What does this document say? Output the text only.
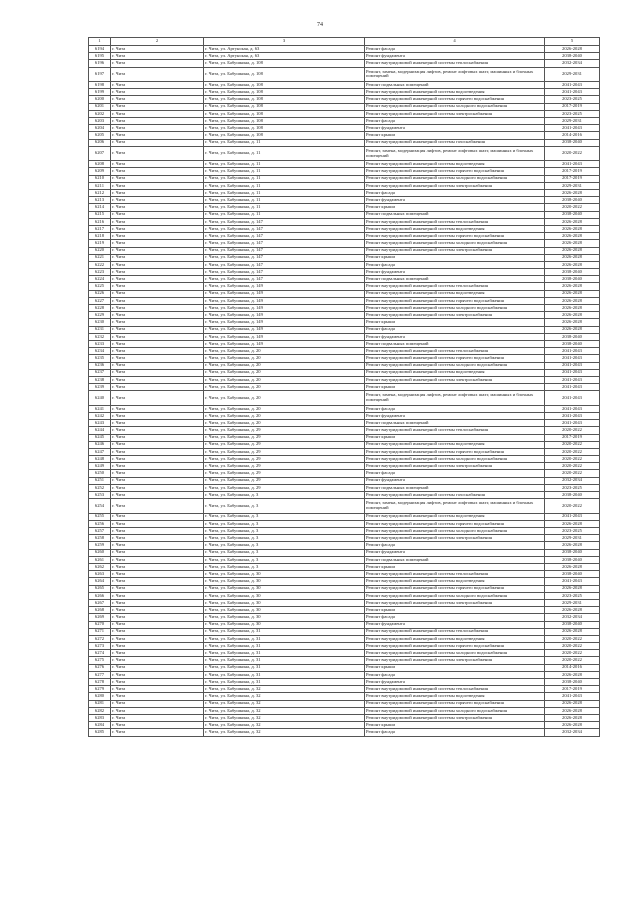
74
1	2	3	4	5
6194	г. Чита	г. Чита, ул. Артунская, д. 63	Ремонт фасада	2026-2028
6195	г. Чита	г. Чита, ул. Артунская, д. 63	Ремонт фундамента	2038-2040
6196	г. Чита	г. Чита, ул. Бабушкина, д. 108	Ремонт внутридомовой инженерной системы теплоснабжения	2032-2034
6197	г. Чита	г. Чита, ул. Бабушкина, д. 108	Ремонт, замена, модернизация лифтов, ремонт лифтовых шахт, машинных и блочных помещений	2029-2031
6198	г. Чита	г. Чита, ул. Бабушкина, д. 108	Ремонт подвальных помещений	2041-2043
6199	г. Чита	г. Чита, ул. Бабушкина, д. 108	Ремонт внутридомовой инженерной системы водоотведения	2041-2043
6200	г. Чита	г. Чита, ул. Бабушкина, д. 108	Ремонт внутридомовой инженерной системы горячего водоснабжения	2023-2025
6201	г. Чита	г. Чита, ул. Бабушкина, д. 108	Ремонт внутридомовой инженерной системы холодного водоснабжения	2017-2019
6202	г. Чита	г. Чита, ул. Бабушкина, д. 108	Ремонт внутридомовой инженерной системы электроснабжения	2023-2025
6203	г. Чита	г. Чита, ул. Бабушкина, д. 108	Ремонт фасада	2029-2031
6204	г. Чита	г. Чита, ул. Бабушкина, д. 108	Ремонт фундамента	2041-2043
6205	г. Чита	г. Чита, ул. Бабушкина, д. 108	Ремонт крыши	2014-2016
6206	г. Чита	г. Чита, ул. Бабушкина, д. 11	Ремонт внутридомовой инженерной системы газоснабжения	2038-2040
6207	г. Чита	г. Чита, ул. Бабушкина, д. 11	Ремонт, замена, модернизация лифтов, ремонт лифтовых шахт, машинных и блочных помещений	2020-2022
6208	г. Чита	г. Чита, ул. Бабушкина, д. 11	Ремонт внутридомовой инженерной системы водоотведения	2041-2043
6209	г. Чита	г. Чита, ул. Бабушкина, д. 11	Ремонт внутридомовой инженерной системы горячего водоснабжения	2017-2019
6210	г. Чита	г. Чита, ул. Бабушкина, д. 11	Ремонт внутридомовой инженерной системы холодного водоснабжения	2017-2019
6211	г. Чита	г. Чита, ул. Бабушкина, д. 11	Ремонт внутридомовой инженерной системы электроснабжения	2029-2031
6212	г. Чита	г. Чита, ул. Бабушкина, д. 11	Ремонт фасада	2026-2028
6213	г. Чита	г. Чита, ул. Бабушкина, д. 11	Ремонт фундамента	2038-2040
6214	г. Чита	г. Чита, ул. Бабушкина, д. 11	Ремонт крыши	2020-2022
6215	г. Чита	г. Чита, ул. Бабушкина, д. 11	Ремонт подвальных помещений	2038-2040
6216	г. Чита	г. Чита, ул. Бабушкина, д. 147	Ремонт внутридомовой инженерной системы теплоснабжения	2026-2028
6217	г. Чита	г. Чита, ул. Бабушкина, д. 147	Ремонт внутридомовой инженерной системы водоотведения	2026-2028
6218	г. Чита	г. Чита, ул. Бабушкина, д. 147	Ремонт внутридомовой инженерной системы горячего водоснабжения	2026-2028
6219	г. Чита	г. Чита, ул. Бабушкина, д. 147	Ремонт внутридомовой инженерной системы холодного водоснабжения	2026-2028
6220	г. Чита	г. Чита, ул. Бабушкина, д. 147	Ремонт внутридомовой инженерной системы электроснабжения	2026-2028
6221	г. Чита	г. Чита, ул. Бабушкина, д. 147	Ремонт крыши	2026-2028
6222	г. Чита	г. Чита, ул. Бабушкина, д. 147	Ремонт фасада	2026-2028
6223	г. Чита	г. Чита, ул. Бабушкина, д. 147	Ремонт фундамента	2038-2040
6224	г. Чита	г. Чита, ул. Бабушкина, д. 147	Ремонт подвальных помещений	2038-2040
6225	г. Чита	г. Чита, ул. Бабушкина, д. 149	Ремонт внутридомовой инженерной системы теплоснабжения	2026-2028
6226	г. Чита	г. Чита, ул. Бабушкина, д. 149	Ремонт внутридомовой инженерной системы водоотведения	2026-2028
6227	г. Чита	г. Чита, ул. Бабушкина, д. 149	Ремонт внутридомовой инженерной системы горячего водоснабжения	2026-2028
6228	г. Чита	г. Чита, ул. Бабушкина, д. 149	Ремонт внутридомовой инженерной системы холодного водоснабжения	2026-2028
6229	г. Чита	г. Чита, ул. Бабушкина, д. 149	Ремонт внутридомовой инженерной системы электроснабжения	2026-2028
6230	г. Чита	г. Чита, ул. Бабушкина, д. 149	Ремонт крыши	2026-2028
6231	г. Чита	г. Чита, ул. Бабушкина, д. 149	Ремонт фасада	2026-2028
6232	г. Чита	г. Чита, ул. Бабушкина, д. 149	Ремонт фундамента	2038-2040
6233	г. Чита	г. Чита, ул. Бабушкина, д. 149	Ремонт подвальных помещений	2038-2040
6234	г. Чита	г. Чита, ул. Бабушкина, д. 20	Ремонт внутридомовой инженерной системы теплоснабжения	2041-2043
6235	г. Чита	г. Чита, ул. Бабушкина, д. 20	Ремонт внутридомовой инженерной системы горячего водоснабжения	2041-2043
6236	г. Чита	г. Чита, ул. Бабушкина, д. 20	Ремонт внутридомовой инженерной системы холодного водоснабжения	2041-2043
6237	г. Чита	г. Чита, ул. Бабушкина, д. 20	Ремонт внутридомовой инженерной системы водоотведения	2041-2043
6238	г. Чита	г. Чита, ул. Бабушкина, д. 20	Ремонт внутридомовой инженерной системы электроснабжения	2041-2043
6239	г. Чита	г. Чита, ул. Бабушкина, д. 20	Ремонт крыши	2041-2043
6240	г. Чита	г. Чита, ул. Бабушкина, д. 20	Ремонт, замена, модернизация лифтов, ремонт лифтовых шахт, машинных и блочных помещений	2041-2043
6241	г. Чита	г. Чита, ул. Бабушкина, д. 20	Ремонт фасада	2041-2043
6242	г. Чита	г. Чита, ул. Бабушкина, д. 20	Ремонт фундамента	2041-2043
6243	г. Чита	г. Чита, ул. Бабушкина, д. 20	Ремонт подвальных помещений	2041-2043
6244	г. Чита	г. Чита, ул. Бабушкина, д. 29	Ремонт внутридомовой инженерной системы теплоснабжения	2020-2022
6245	г. Чита	г. Чита, ул. Бабушкина, д. 29	Ремонт крыши	2017-2019
6246	г. Чита	г. Чита, ул. Бабушкина, д. 29	Ремонт внутридомовой инженерной системы водоотведения	2020-2022
6247	г. Чита	г. Чита, ул. Бабушкина, д. 29	Ремонт внутридомовой инженерной системы горячего водоснабжения	2020-2022
6248	г. Чита	г. Чита, ул. Бабушкина, д. 29	Ремонт внутридомовой инженерной системы холодного водоснабжения	2020-2022
6249	г. Чита	г. Чита, ул. Бабушкина, д. 29	Ремонт внутридомовой инженерной системы электроснабжения	2020-2022
6250	г. Чита	г. Чита, ул. Бабушкина, д. 29	Ремонт фасада	2020-2022
6251	г. Чита	г. Чита, ул. Бабушкина, д. 29	Ремонт фундамента	2032-2034
6252	г. Чита	г. Чита, ул. Бабушкина, д. 29	Ремонт подвальных помещений	2023-2025
6253	г. Чита	г. Чита, ул. Бабушкина, д. 3	Ремонт внутридомовой инженерной системы газоснабжения	2038-2040
6254	г. Чита	г. Чита, ул. Бабушкина, д. 3	Ремонт, замена, модернизация лифтов, ремонт лифтовых шахт, машинных и блочных помещений	2020-2022
6255	г. Чита	г. Чита, ул. Бабушкина, д. 3	Ремонт внутридомовой инженерной системы водоотведения	2041-2043
6256	г. Чита	г. Чита, ул. Бабушкина, д. 3	Ремонт внутридомовой инженерной системы горячего водоснабжения	2026-2028
6257	г. Чита	г. Чита, ул. Бабушкина, д. 3	Ремонт внутридомовой инженерной системы холодного водоснабжения	2023-2025
6258	г. Чита	г. Чита, ул. Бабушкина, д. 3	Ремонт внутридомовой инженерной системы электроснабжения	2029-2031
6259	г. Чита	г. Чита, ул. Бабушкина, д. 3	Ремонт фасада	2026-2028
6260	г. Чита	г. Чита, ул. Бабушкина, д. 3	Ремонт фундамента	2038-2040
6261	г. Чита	г. Чита, ул. Бабушкина, д. 3	Ремонт подвальных помещений	2038-2040
6262	г. Чита	г. Чита, ул. Бабушкина, д. 3	Ремонт крыши	2026-2028
6263	г. Чита	г. Чита, ул. Бабушкина, д. 30	Ремонт внутридомовой инженерной системы теплоснабжения	2038-2040
6264	г. Чита	г. Чита, ул. Бабушкина, д. 30	Ремонт внутридомовой инженерной системы водоотведения	2041-2043
6265	г. Чита	г. Чита, ул. Бабушкина, д. 30	Ремонт внутридомовой инженерной системы горячего водоснабжения	2026-2028
6266	г. Чита	г. Чита, ул. Бабушкина, д. 30	Ремонт внутридомовой инженерной системы холодного водоснабжения	2023-2025
6267	г. Чита	г. Чита, ул. Бабушкина, д. 30	Ремонт внутридомовой инженерной системы электроснабжения	2029-2031
6268	г. Чита	г. Чита, ул. Бабушкина, д. 30	Ремонт крыши	2026-2028
6269	г. Чита	г. Чита, ул. Бабушкина, д. 30	Ремонт фасада	2032-2034
6270	г. Чита	г. Чита, ул. Бабушкина, д. 30	Ремонт фундамента	2038-2040
6271	г. Чита	г. Чита, ул. Бабушкина, д. 31	Ремонт внутридомовой инженерной системы теплоснабжения	2026-2028
6272	г. Чита	г. Чита, ул. Бабушкина, д. 31	Ремонт внутридомовой инженерной системы водоотведения	2020-2022
6273	г. Чита	г. Чита, ул. Бабушкина, д. 31	Ремонт внутридомовой инженерной системы горячего водоснабжения	2020-2022
6274	г. Чита	г. Чита, ул. Бабушкина, д. 31	Ремонт внутридомовой инженерной системы холодного водоснабжения	2020-2022
6275	г. Чита	г. Чита, ул. Бабушкина, д. 31	Ремонт внутридомовой инженерной системы электроснабжения	2020-2022
6276	г. Чита	г. Чита, ул. Бабушкина, д. 31	Ремонт крыши	2014-2016
6277	г. Чита	г. Чита, ул. Бабушкина, д. 31	Ремонт фасада	2026-2028
6278	г. Чита	г. Чита, ул. Бабушкина, д. 31	Ремонт фундамента	2038-2040
6279	г. Чита	г. Чита, ул. Бабушкина, д. 32	Ремонт внутридомовой инженерной системы теплоснабжения	2017-2019
6280	г. Чита	г. Чита, ул. Бабушкина, д. 32	Ремонт внутридомовой инженерной системы водоотведения	2041-2043
6281	г. Чита	г. Чита, ул. Бабушкина, д. 32	Ремонт внутридомовой инженерной системы горячего водоснабжения	2026-2028
6282	г. Чита	г. Чита, ул. Бабушкина, д. 32	Ремонт внутридомовой инженерной системы холодного водоснабжения	2026-2028
6283	г. Чита	г. Чита, ул. Бабушкина, д. 32	Ремонт внутридомовой инженерной системы электроснабжения	2026-2028
6284	г. Чита	г. Чита, ул. Бабушкина, д. 32	Ремонт крыши	2026-2028
6285	г. Чита	г. Чита, ул. Бабушкина, д. 32	Ремонт фасада	2032-2034
